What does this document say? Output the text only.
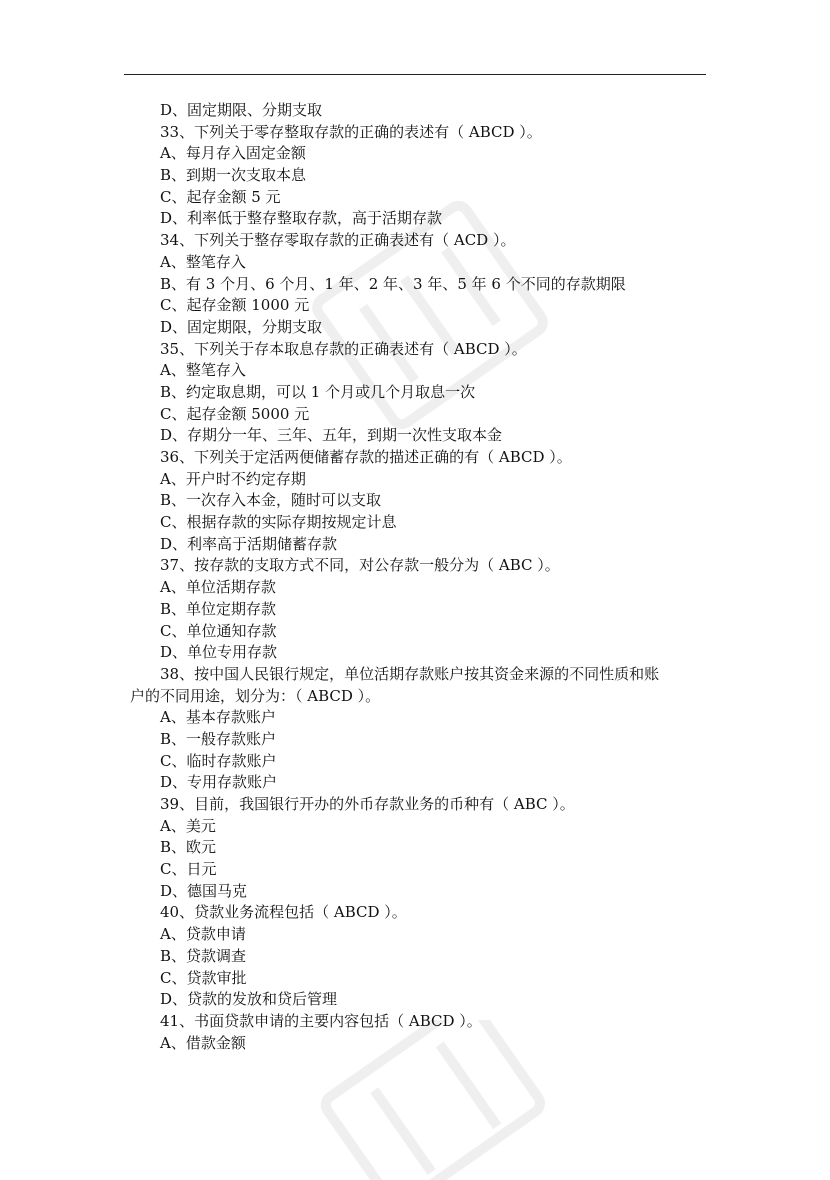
D、固定期限、分期支取
33、下列关于零存整取存款的正确的表述有（ ABCD ）。
A、每月存入固定金额
B、到期一次支取本息
C、起存金额 5 元
D、利率低于整存整取存款，高于活期存款
34、下列关于整存零取存款的正确表述有（ ACD ）。
A、整笔存入
B、有 3 个月、6 个月、1 年、2 年、3 年、5 年 6 个不同的存款期限
C、起存金额 1000 元
D、固定期限，分期支取
35、下列关于存本取息存款的正确表述有（ ABCD ）。
A、整笔存入
B、约定取息期，可以 1 个月或几个月取息一次
C、起存金额 5000 元
D、存期分一年、三年、五年，到期一次性支取本金
36、下列关于定活两便储蓄存款的描述正确的有（ ABCD ）。
A、开户时不约定存期
B、一次存入本金，随时可以支取
C、根据存款的实际存期按规定计息
D、利率高于活期储蓄存款
37、按存款的支取方式不同，对公存款一般分为（ ABC ）。
A、单位活期存款
B、单位定期存款
C、单位通知存款
D、单位专用存款
38、按中国人民银行规定，单位活期存款账户按其资金来源的不同性质和账
户的不同用途，划分为：（ ABCD ）。
A、基本存款账户
B、一般存款账户
C、临时存款账户
D、专用存款账户
39、目前，我国银行开办的外币存款业务的币种有（ ABC ）。
A、美元
B、欧元
C、日元
D、德国马克
40、贷款业务流程包括（ ABCD ）。
A、贷款申请
B、贷款调查
C、贷款审批
D、贷款的发放和贷后管理
41、书面贷款申请的主要内容包括（ ABCD ）。
A、借款金额
